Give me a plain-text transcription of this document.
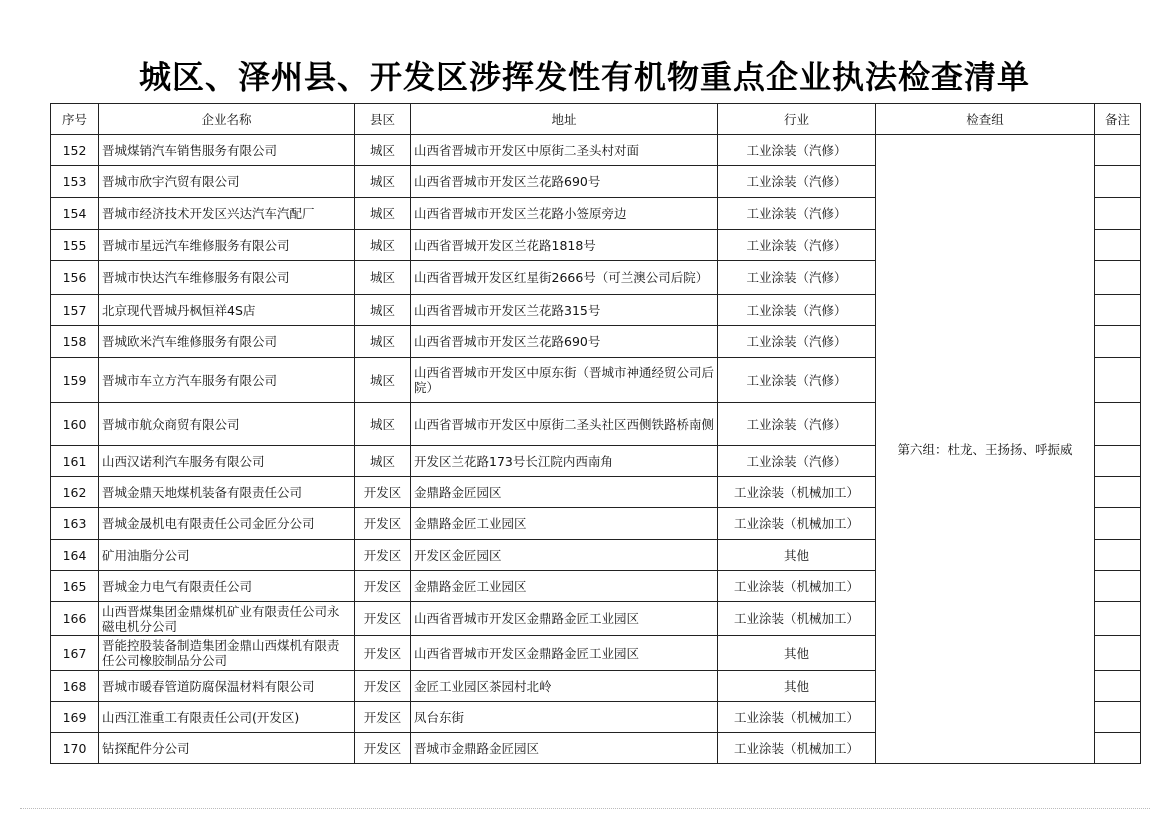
城区、泽州县、开发区涉挥发性有机物重点企业执法检查清单
序号	企业名称	县区	地址	行业	检查组	备注
152	晋城煤销汽车销售服务有限公司	城区	山西省晋城市开发区中原街二圣头村对面	工业涂装（汽修）	第六组：杜龙、王扬扬、呼振威	
153	晋城市欣宇汽贸有限公司	城区	山西省晋城市开发区兰花路690号	工业涂装（汽修）		
154	晋城市经济技术开发区兴达汽车汽配厂	城区	山西省晋城市开发区兰花路小签原旁边	工业涂装（汽修）		
155	晋城市星远汽车维修服务有限公司	城区	山西省晋城开发区兰花路1818号	工业涂装（汽修）		
156	晋城市快达汽车维修服务有限公司	城区	山西省晋城开发区红星街2666号（可兰澳公司后院）	工业涂装（汽修）		
157	北京现代晋城丹枫恒祥4S店	城区	山西省晋城市开发区兰花路315号	工业涂装（汽修）		
158	晋城欧米汽车维修服务有限公司	城区	山西省晋城市开发区兰花路690号	工业涂装（汽修）		
159	晋城市车立方汽车服务有限公司	城区	山西省晋城市开发区中原东街（晋城市神通经贸公司后院）	工业涂装（汽修）		
160	晋城市航众商贸有限公司	城区	山西省晋城市开发区中原街二圣头社区西侧铁路桥南侧	工业涂装（汽修）		
161	山西汉诺利汽车服务有限公司	城区	开发区兰花路173号长江院内西南角	工业涂装（汽修）		
162	晋城金鼎天地煤机装备有限责任公司	开发区	金鼎路金匠园区	工业涂装（机械加工）		
163	晋城金晟机电有限责任公司金匠分公司	开发区	金鼎路金匠工业园区	工业涂装（机械加工）		
164	矿用油脂分公司	开发区	开发区金匠园区	其他		
165	晋城金力电气有限责任公司	开发区	金鼎路金匠工业园区	工业涂装（机械加工）		
166	山西晋煤集团金鼎煤机矿业有限责任公司永磁电机分公司	开发区	山西省晋城市开发区金鼎路金匠工业园区	工业涂装（机械加工）		
167	晋能控股装备制造集团金鼎山西煤机有限责任公司橡胶制品分公司	开发区	山西省晋城市开发区金鼎路金匠工业园区	其他		
168	晋城市暖春管道防腐保温材料有限公司	开发区	金匠工业园区茶园村北岭	其他		
169	山西江淮重工有限责任公司(开发区)	开发区	凤台东街	工业涂装（机械加工）		
170	钻探配件分公司	开发区	晋城市金鼎路金匠园区	工业涂装（机械加工）		
